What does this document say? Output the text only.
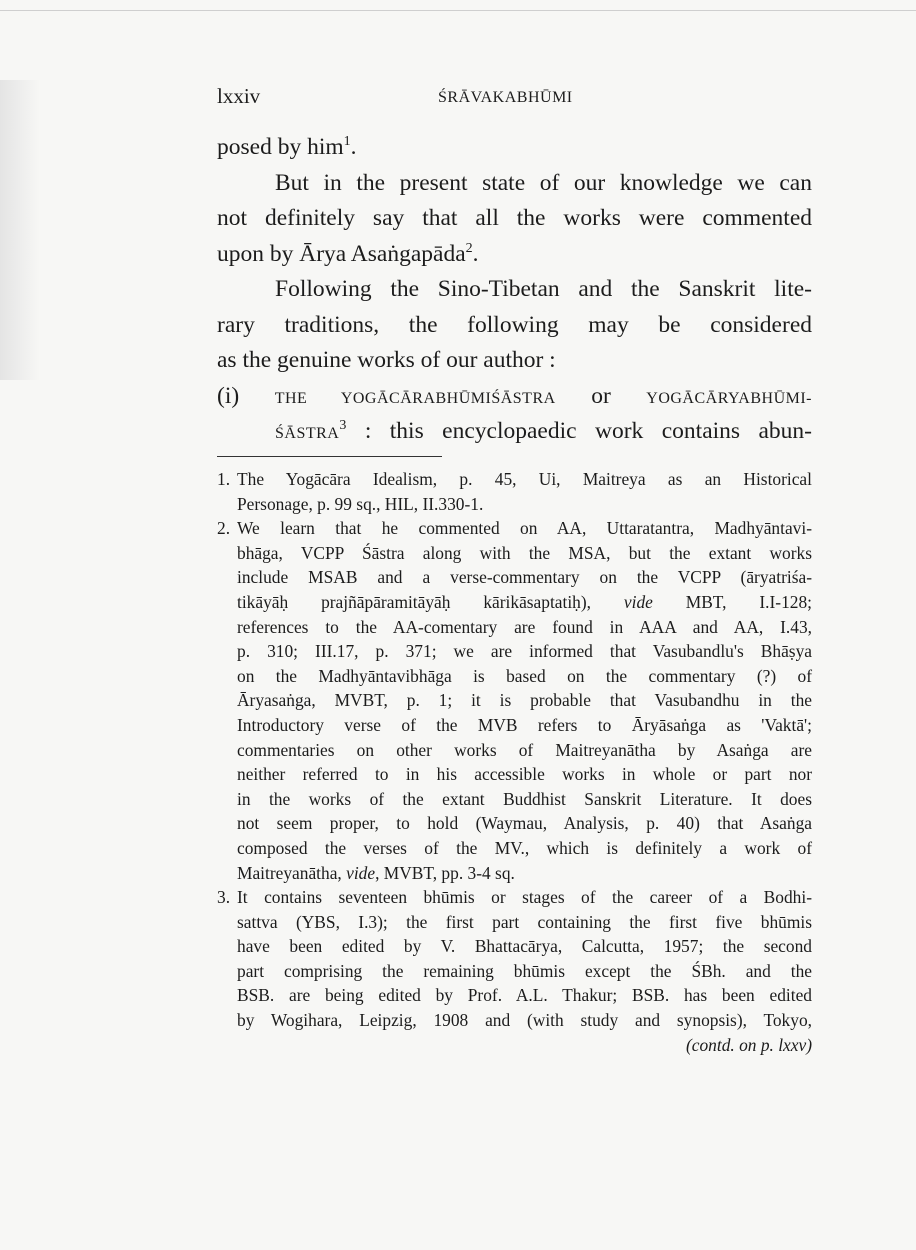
lxxiv	ŚRĀVAKABHŪMI
posed by him$^1$.
But in the present state of our knowledge we can
not definitely say that all the works were commented
upon by Ārya Asaṅgapāda$^2$.
Following the Sino-Tibetan and the Sanskrit lite-
rary traditions, the following may be considered
as the genuine works of our author :
(i) THE YOGĀCĀRABHŪMIŚĀSTRA or YOGĀCĀRYABHŪMI-
ŚĀSTRA$^3$ : this encyclopaedic work contains abun-
1. The Yogācāra Idealism, p. 45, Ui, Maitreya as an Historical
Personage, p. 99 sq., HIL, II.330-1.
2. We learn that he commented on AA, Uttaratantra, Madhyāntavi-
bhāga, VCPP Śāstra along with the MSA, but the extant works
include MSAB and a verse-commentary on the VCPP (āryatriśa-
tikāyāḥ prajñāpāramitāyāḥ kārikāsaptatiḥ), vide MBT, I.I-128;
references to the AA-comentary are found in AAA and AA, I.43,
p. 310; III.17, p. 371; we are informed that Vasubandlu's Bhāṣya
on the Madhyāntavibhāga is based on the commentary (?) of
Āryasaṅga, MVBT, p. 1; it is probable that Vasubandhu in the
Introductory verse of the MVB refers to Āryāsaṅga as 'Vaktā';
commentaries on other works of Maitreyanātha by Asaṅga are
neither referred to in his accessible works in whole or part nor
in the works of the extant Buddhist Sanskrit Literature. It does
not seem proper, to hold (Waymau, Analysis, p. 40) that Asaṅga
composed the verses of the MV., which is definitely a work of
Maitreyanātha, vide, MVBT, pp. 3-4 sq.
3. It contains seventeen bhūmis or stages of the career of a Bodhi-
sattva (YBS, I.3); the first part containing the first five bhūmis
have been edited by V. Bhattacārya, Calcutta, 1957; the second
part comprising the remaining bhūmis except the ŚBh. and the
BSB. are being edited by Prof. A.L. Thakur; BSB. has been edited
by Wogihara, Leipzig, 1908 and (with study and synopsis), Tokyo,
(contd. on p. lxxv)
